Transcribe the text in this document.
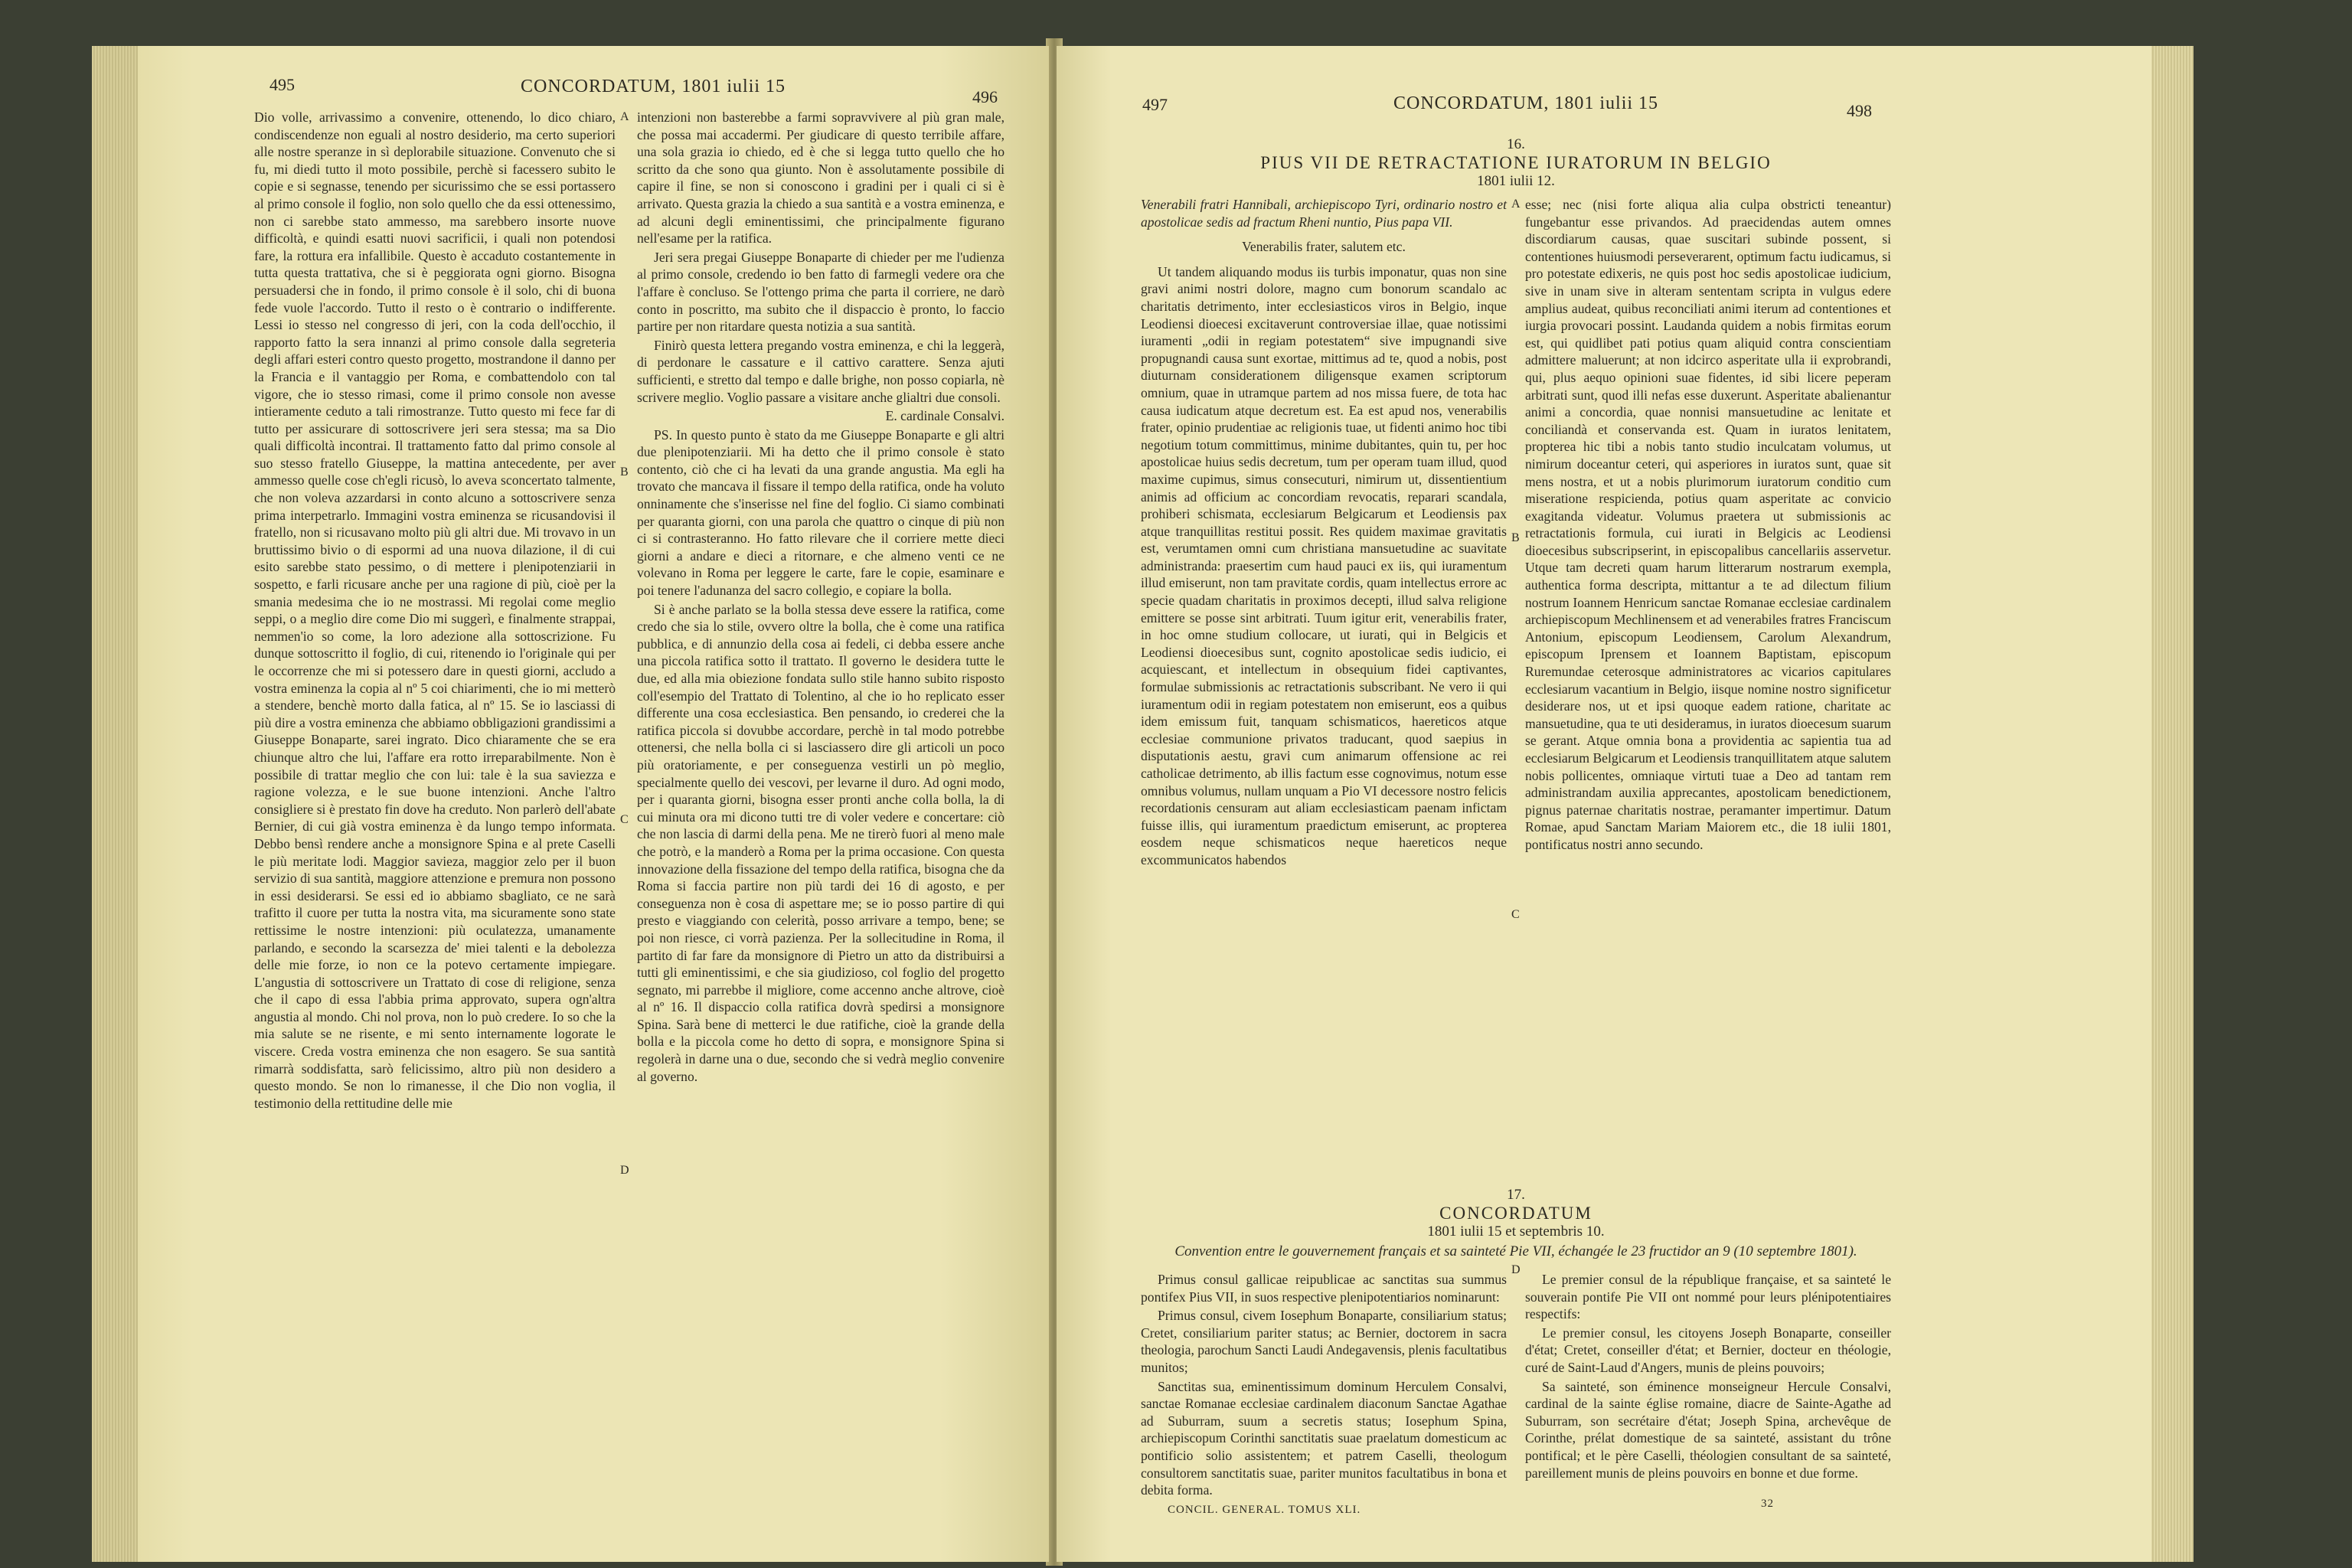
495	CONCORDATUM, 1801 iulii 15
496

Dio volle, arrivassimo a convenire, ottenendo, lo dico chiaro, condiscendenze non eguali al nostro desiderio, ma certo superiori alle nostre speranze in sì deplorabile situazione. Convenuto che si fu, mi diedi tutto il moto possibile, perchè si facessero subito le copie e si segnasse, tenendo per sicurissimo che se essi portassero al primo console il foglio, non solo quello che da essi ottenessimo, non ci sarebbe stato ammesso, ma sarebbero insorte nuove difficoltà, e quindi esatti nuovi sacrificii, i quali non potendosi fare, la rottura era infallibile. Questo è accaduto costantemente in tutta questa trattativa, che si è peggiorata ogni giorno. Bisogna persuadersi che in fondo, il primo console è il solo, chi di buona fede vuole l'accordo. Tutto il resto o è contrario o indifferente. Lessi io stesso nel congresso di jeri, con la coda dell'occhio, il rapporto fatto la sera innanzi al primo console dalla segreteria degli affari esteri contro questo progetto, mostrandone il danno per la Francia e il vantaggio per Roma, e combattendolo con tal vigore, che io stesso rimasi, come il primo console non avesse intieramente ceduto a tali rimostranze. Tutto questo mi fece far di tutto per assicurare di sottoscrivere jeri sera stessa; ma sa Dio quali difficoltà incontrai. Il trattamento fatto dal primo console al suo stesso fratello Giuseppe, la mattina antecedente, per aver ammesso quelle cose ch'egli ricusò, lo aveva sconcertato talmente, che non voleva azzardarsi in conto alcuno a sottoscrivere senza prima interpetrarlo. Immagini vostra eminenza se ricusandovisi il fratello, non si ricusavano molto più gli altri due. Mi trovavo in un bruttissimo bivio o di espormi ad una nuova dilazione, il di cui esito sarebbe stato pessimo, o di mettere i plenipotenziarii in sospetto, e farli ricusare anche per una ragione di più, cioè per la smania medesima che io ne mostrassi. Mi regolai come meglio seppi, o a meglio dire come Dio mi suggerì, e finalmente strappai, nemmen'io so come, la loro adezione alla sottoscrizione. Fu dunque sottoscritto il foglio, di cui, ritenendo io l'originale qui per le occorrenze che mi si potessero dare in questi giorni, accludo a vostra eminenza la copia al nº 5 coi chiarimenti, che io mi metterò a stendere, benchè morto dalla fatica, al nº 15. Se io lasciassi di più dire a vostra eminenza che abbiamo obbligazioni grandissimi a Giuseppe Bonaparte, sarei ingrato. Dico chiaramente che se era chiunque altro che lui, l'affare era rotto irreparabilmente. Non è possibile di trattar meglio che con lui: tale è la sua saviezza e ragione volezza, e le sue buone intenzioni. Anche l'altro consigliere si è prestato fin dove ha creduto. Non parlerò dell'abate Bernier, di cui già vostra eminenza è da lungo tempo informata. Debbo bensì rendere anche a monsignore Spina e al prete Caselli le più meritate lodi. Maggior savieza, maggior zelo per il buon servizio di sua santità, maggiore attenzione e premura non possono in essi desiderarsi. Se essi ed io abbiamo sbagliato, ce ne sarà trafitto il cuore per tutta la nostra vita, ma sicuramente sono state rettissime le nostre intenzioni: più oculatezza, umanamente parlando, e secondo la scarsezza de' miei talenti e la debolezza delle mie forze, io non ce la potevo certamente impiegare. L'angustia di sottoscrivere un Trattato di cose di religione, senza che il capo di essa l'abbia prima approvato, supera ogn'altra angustia al mondo. Chi nol prova, non lo può credere. Io so che la mia salute se ne risente, e mi sento internamente logorate le viscere. Creda vostra eminenza che non esagero. Se sua santità rimarrà soddisfatta, sarò felicissimo, altro più non desidero a questo mondo. Se non lo rimanesse, il che Dio non voglia, il testimonio della rettitudine delle mie

A
B
C
D

intenzioni non basterebbe a farmi sopravvivere al più gran male, che possa mai accadermi. Per giudicare di questo terribile affare, una sola grazia io chiedo, ed è che si legga tutto quello che ho scritto da che sono qua giunto. Non è assolutamente possibile di capire il fine, se non si conoscono i gradini per i quali ci si è arrivato. Questa grazia la chiedo a sua santità e a vostra eminenza, e ad alcuni degli eminentissimi, che principalmente figurano nell'esame per la ratifica.

Jeri sera pregai Giuseppe Bonaparte di chieder per me l'udienza al primo console, credendo io ben fatto di farmegli vedere ora che l'affare è concluso. Se l'ottengo prima che parta il corriere, ne darò conto in poscritto, ma subito che il dispaccio è pronto, lo faccio partire per non ritardare questa notizia a sua santità.

Finirò questa lettera pregando vostra eminenza, e chi la leggerà, di perdonare le cassature e il cattivo carattere. Senza ajuti sufficienti, e stretto dal tempo e dalle brighe, non posso copiarla, nè scrivere meglio. Voglio passare a visitare anche glialtri due consoli.

E. cardinale Consalvi.

PS. In questo punto è stato da me Giuseppe Bonaparte e gli altri due plenipotenziarii. Mi ha detto che il primo console è stato contento, ciò che ci ha levati da una grande angustia. Ma egli ha trovato che mancava il fissare il tempo della ratifica, onde ha voluto onninamente che s'inserisse nel fine del foglio. Ci siamo combinati per quaranta giorni, con una parola che quattro o cinque di più non ci si contrasteranno. Ho fatto rilevare che il corriere mette dieci giorni a andare e dieci a ritornare, e che almeno venti ce ne volevano in Roma per leggere le carte, fare le copie, esaminare e poi tenere l'adunanza del sacro collegio, e copiare la bolla.

Si è anche parlato se la bolla stessa deve essere la ratifica, come credo che sia lo stile, ovvero oltre la bolla, che è come una ratifica pubblica, e di annunzio della cosa ai fedeli, ci debba essere anche una piccola ratifica sotto il trattato. Il governo le desidera tutte le due, ed alla mia obiezione fondata sullo stile hanno subito risposto coll'esempio del Trattato di Tolentino, al che io ho replicato esser differente una cosa ecclesiastica. Ben pensando, io crederei che la ratifica piccola si dovubbe accordare, perchè in tal modo potrebbe ottenersi, che nella bolla ci si lasciassero dire gli articoli un poco più oratoriamente, e per conseguenza vestirli un pò meglio, specialmente quello dei vescovi, per levarne il duro. Ad ogni modo, per i quaranta giorni, bisogna esser pronti anche colla bolla, la di cui minuta ora mi dicono tutti tre di voler vedere e concertare: ciò che non lascia di darmi della pena. Me ne tirerò fuori al meno male che potrò, e la manderò a Roma per la prima occasione. Con questa innovazione della fissazione del tempo della ratifica, bisogna che da Roma si faccia partire non più tardi dei 16 di agosto, e per conseguenza non è cosa di aspettare me; se io posso partire di qui presto e viaggiando con celerità, posso arrivare a tempo, bene; se poi non riesce, ci vorrà pazienza. Per la sollecitudine in Roma, il partito di far fare da monsignore di Pietro un atto da distribuirsi a tutti gli eminentissimi, e che sia giudizioso, col foglio del progetto segnato, mi parrebbe il migliore, come accenno anche altrove, cioè al nº 16. Il dispaccio colla ratifica dovrà spedirsi a monsignore Spina. Sarà bene di metterci le due ratifiche, cioè la grande della bolla e la piccola come ho detto di sopra, e monsignore Spina si regolerà in darne una o due, secondo che si vedrà meglio convenire al governo.

497	CONCORDATUM, 1801 iulii 15	498
16.
PIUS VII DE RETRACTATIONE IURATORUM IN BELGIO
1801 iulii 12.

Venerabili fratri Hannibali, archiepiscopo Tyri, ordinario nostro et apostolicae sedis ad fractum Rheni nuntio, Pius papa VII.

Venerabilis frater, salutem etc.

Ut tandem aliquando modus iis turbis imponatur, quas non sine gravi animi nostri dolore, magno cum bonorum scandalo ac charitatis detrimento, inter ecclesiasticos viros in Belgio, inque Leodiensi dioecesi excitaverunt controversiae illae, quae notissimi iuramenti „odii in regiam potestatem“ sive impugnandi sive propugnandi causa sunt exortae, mittimus ad te, quod a nobis, post diuturnam considerationem diligensque examen scriptorum omnium, quae in utramque partem ad nos missa fuere, de tota hac causa iudicatum atque decretum est. Ea est apud nos, venerabilis frater, opinio prudentiae ac religionis tuae, ut fidenti animo hoc tibi negotium totum committimus, minime dubitantes, quin tu, per hoc apostolicae huius sedis decretum, tum per operam tuam illud, quod maxime cupimus, simus consecuturi, nimirum ut, dissentientium animis ad officium ac concordiam revocatis, reparari scandala, prohiberi schismata, ecclesiarum Belgicarum et Leodiensis pax atque tranquillitas restitui possit. Res quidem maximae gravitatis est, verumtamen omni cum christiana mansuetudine ac suavitate administranda: praesertim cum haud pauci ex iis, qui iuramentum illud emiserunt, non tam pravitate cordis, quam intellectus errore ac specie quadam charitatis in proximos decepti, illud salva religione emittere se posse sint arbitrati. Tuum igitur erit, venerabilis frater, in hoc omne studium collocare, ut iurati, qui in Belgicis et Leodiensi dioecesibus sunt, cognito apostolicae sedis iudicio, ei acquiescant, et intellectum in obsequium fidei captivantes, formulae submissionis ac retractationis subscribant. Ne vero ii qui iuramentum odii in regiam potestatem non emiserunt, eos a quibus idem emissum fuit, tanquam schismaticos, haereticos atque ecclesiae communione privatos traducant, quod saepius in disputationis aestu, gravi cum animarum offensione ac rei catholicae detrimento, ab illis factum esse cognovimus, notum esse omnibus volumus, nullam unquam a Pio VI decessore nostro felicis recordationis censuram aut aliam ecclesiasticam paenam infictam fuisse illis, qui iuramentum praedictum emiserunt, ac propterea eosdem neque schismaticos neque haereticos neque excommunicatos habendos

A
B
C
D

esse; nec (nisi forte aliqua alia culpa obstricti teneantur) fungebantur esse privandos. Ad praecidendas autem omnes discordiarum causas, quae suscitari subinde possent, si contentiones huiusmodi perseverarent, optimum factu iudicamus, si pro potestate edixeris, ne quis post hoc sedis apostolicae iudicium, sive in unam sive in alteram sententam scripta in vulgus edere amplius audeat, quibus reconciliati animi iterum ad contentiones et iurgia provocari possint. Laudanda quidem a nobis firmitas eorum est, qui quidlibet pati potius quam aliquid contra conscientiam admittere maluerunt; at non idcirco asperitate ulla ii exprobrandi, qui, plus aequo opinioni suae fidentes, id sibi licere peperam arbitrati sunt, quod illi nefas esse duxerunt. Asperitate abalienantur animi a concordia, quae nonnisi mansuetudine ac lenitate et conciliandà et conservanda est. Quam in iuratos lenitatem, propterea hic tibi a nobis tanto studio inculcatam volumus, ut nimirum doceantur ceteri, qui asperiores in iuratos sunt, quae sit mens nostra, et ut a nobis plurimorum iuratorum conditio cum miseratione respicienda, potius quam asperitate ac convicio exagitanda videatur. Volumus praetera ut submissionis ac retractationis formula, cui iurati in Belgicis ac Leodiensi dioecesibus subscripserint, in episcopalibus cancellariis asservetur. Utque tam decreti quam harum litterarum nostrarum exempla, authentica forma descripta, mittantur a te ad dilectum filium nostrum Ioannem Henricum sanctae Romanae ecclesiae cardinalem archiepiscopum Mechlinensem et ad venerabiles fratres Franciscum Antonium, episcopum Leodiensem, Carolum Alexandrum, episcopum Iprensem et Ioannem Baptistam, episcopum Ruremundae ceterosque administratores ac vicarios capitulares ecclesiarum vacantium in Belgio, iisque nomine nostro significetur desiderare nos, ut et ipsi quoque eadem ratione, charitate ac mansuetudine, qua te uti desideramus, in iuratos dioecesum suarum se gerant. Atque omnia bona a providentia ac sapientia tua ad ecclesiarum Belgicarum et Leodiensis tranquillitatem atque salutem nobis pollicentes, omniaque virtuti tuae a Deo ad tantam rem administrandam auxilia apprecantes, apostolicam benedictionem, pignus paternae charitatis nostrae, peramanter impertimur. Datum Romae, apud Sanctam Mariam Maiorem etc., die 18 iulii 1801, pontificatus nostri anno secundo.

17.
CONCORDATUM
1801 iulii 15 et septembris 10.
Convention entre le gouvernement français et sa sainteté Pie VII, échangée le 23 fructidor an 9 (10 septembre 1801).

Primus consul gallicae reipublicae ac sanctitas sua summus pontifex Pius VII, in suos respective plenipotentiarios nominarunt:

Primus consul, civem Iosephum Bonaparte, consiliarium status; Cretet, consiliarium pariter status; ac Bernier, doctorem in sacra theologia, parochum Sancti Laudi Andegavensis, plenis facultatibus munitos;

Sanctitas sua, eminentissimum dominum Herculem Consalvi, sanctae Romanae ecclesiae cardinalem diaconum Sanctae Agathae ad Suburram, suum a secretis status; Iosephum Spina, archiepiscopum Corinthi sanctitatis suae praelatum domesticum ac pontificio solio assistentem; et patrem Caselli, theologum consultorem sanctitatis suae, pariter munitos facultatibus in bona et debita forma.

Le premier consul de la république française, et sa sainteté le souverain pontife Pie VII ont nommé pour leurs plénipotentiaires respectifs:

Le premier consul, les citoyens Joseph Bonaparte, conseiller d'état; Cretet, conseiller d'état; et Bernier, docteur en théologie, curé de Saint-Laud d'Angers, munis de pleins pouvoirs;

Sa sainteté, son éminence monseigneur Hercule Consalvi, cardinal de la sainte église romaine, diacre de Sainte-Agathe ad Suburram, son secrétaire d'état; Joseph Spina, archevêque de Corinthe, prélat domestique de sa sainteté, assistant du trône pontifical; et le père Caselli, théologien consultant de sa sainteté, pareillement munis de pleins pouvoirs en bonne et due forme.

CONCIL. GENERAL. TOMUS XLI.	32
